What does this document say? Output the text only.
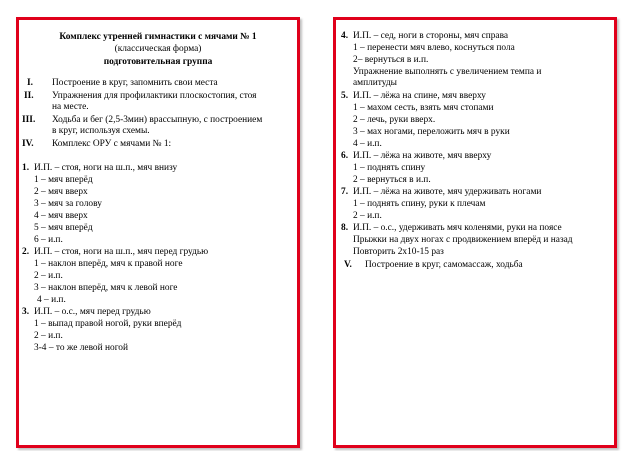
Комплекс утренней гимнастики с мячами № 1
(классическая форма)
подготовительная группа
I. Построение в круг, запомнить свои места
II. Упражнения для профилактики плоскостопия, стоя
на месте.
III. Ходьба и бег (2,5-3мин) врассыпную, с построением
в круг, используя схемы.
IV. Комплекс ОРУ с мячами № 1:
1. И.П. – стоя, ноги на ш.п., мяч внизу
1 – мяч вперёд
2 – мяч вверх
3 – мяч за голову
4 – мяч вверх
5 – мяч вперёд
6 – и.п.
2. И.П. – стоя, ноги на ш.п., мяч перед грудью
1 – наклон вперёд, мяч к правой ноге
2 – и.п.
3 – наклон вперёд, мяч к левой ноге
4 – и.п.
3. И.П. – о.с., мяч перед грудью
1 – выпад правой ногой, руки вперёд
2 – и.п.
3-4 – то же левой ногой
4. И.П. – сед, ноги в стороны, мяч справа
1 – перенести мяч влево, коснуться пола
2– вернуться в и.п.
Упражнение выполнять с увеличением темпа и
амплитуды
5. И.П. – лёжа на спине, мяч вверху
1 – махом сесть, взять мяч стопами
2 – лечь, руки вверх.
3 – мах ногами, переложить мяч в руки
4 – и.п.
6. И.П. – лёжа на животе, мяч вверху
1 – поднять спину
2 – вернуться в и.п.
7. И.П. – лёжа на животе, мяч удерживать ногами
1 – поднять спину, руки к плечам
2 – и.п.
8. И.П. – о.с., удерживать мяч коленями, руки на поясе
Прыжки на двух ногах с продвижением вперёд и назад
Повторить 2х10-15 раз
V. Построение в круг, самомассаж, ходьба
